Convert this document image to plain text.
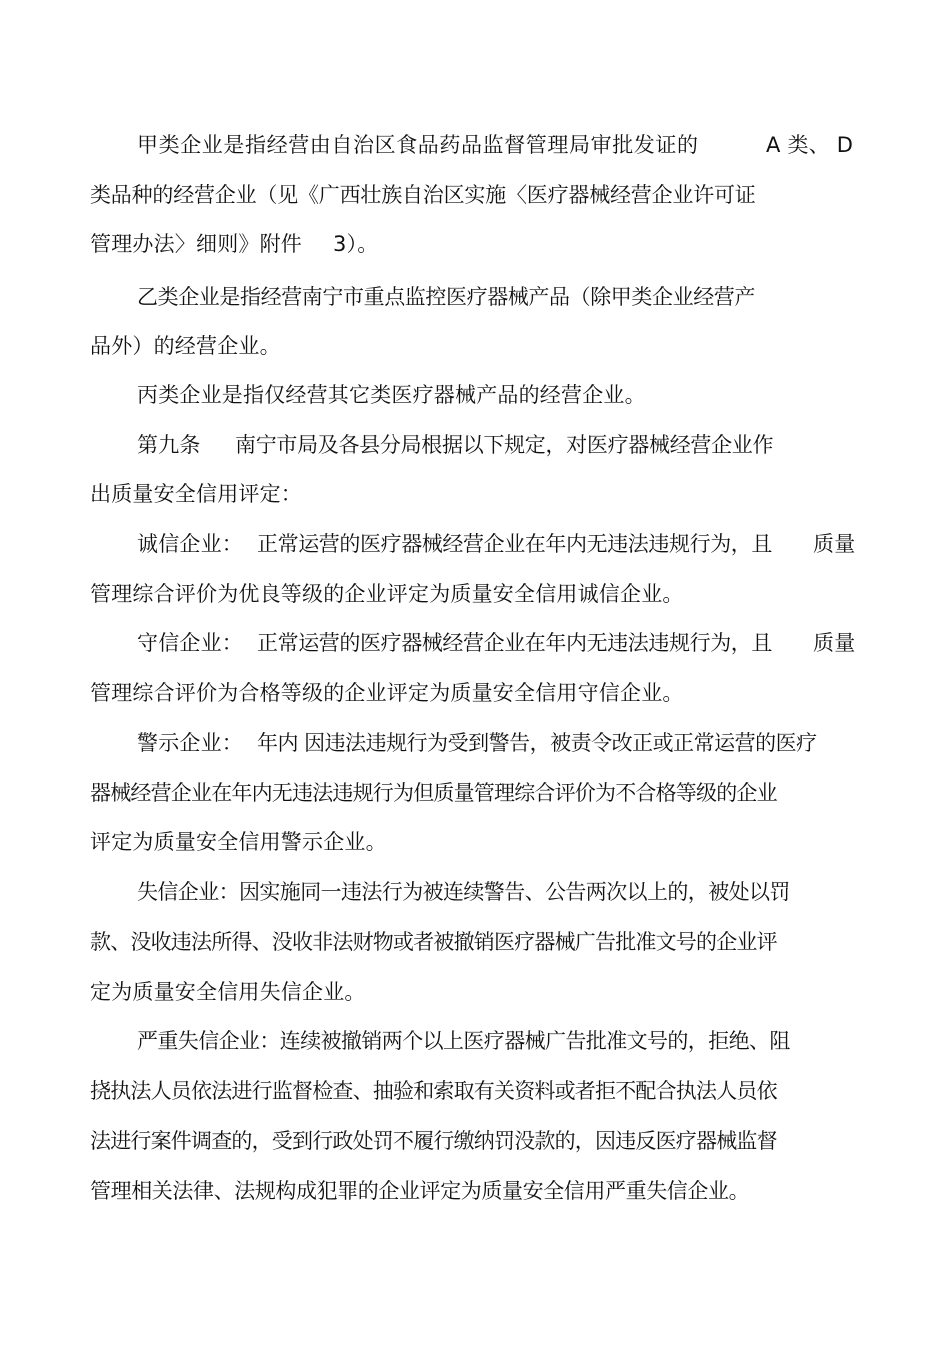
甲类企业是指经营由自治区食品药品监督管理局审批发证的	A 类、 D
类品种的经营企业（见《广西壮族自治区实施〈医疗器械经营企业许可证
管理办法〉细则》附件 3）。
乙类企业是指经营南宁市重点监控医疗器械产品（除甲类企业经营产
品外）的经营企业。
丙类企业是指仅经营其它类医疗器械产品的经营企业。
第九条 南宁市局及各县分局根据以下规定，对医疗器械经营企业作
出质量安全信用评定：
诚信企业： 正常运营的医疗器械经营企业在年内无违法违规行为，且 质量
管理综合评价为优良等级的企业评定为质量安全信用诚信企业。
守信企业： 正常运营的医疗器械经营企业在年内无违法违规行为，且 质量
管理综合评价为合格等级的企业评定为质量安全信用守信企业。
警示企业： 年内 因违法违规行为受到警告，被责令改正或正常运营的医疗
器械经营企业在年内无违法违规行为但质量管理综合评价为不合格等级的企业
评定为质量安全信用警示企业。
失信企业：因实施同一违法行为被连续警告、公告两次以上的，被处以罚
款、没收违法所得、没收非法财物或者被撤销医疗器械广告批准文号的企业评
定为质量安全信用失信企业。
严重失信企业：连续被撤销两个以上医疗器械广告批准文号的，拒绝、阻
挠执法人员依法进行监督检查、抽验和索取有关资料或者拒不配合执法人员依
法进行案件调查的，受到行政处罚不履行缴纳罚没款的，因违反医疗器械监督
管理相关法律、法规构成犯罪的企业评定为质量安全信用严重失信企业。
